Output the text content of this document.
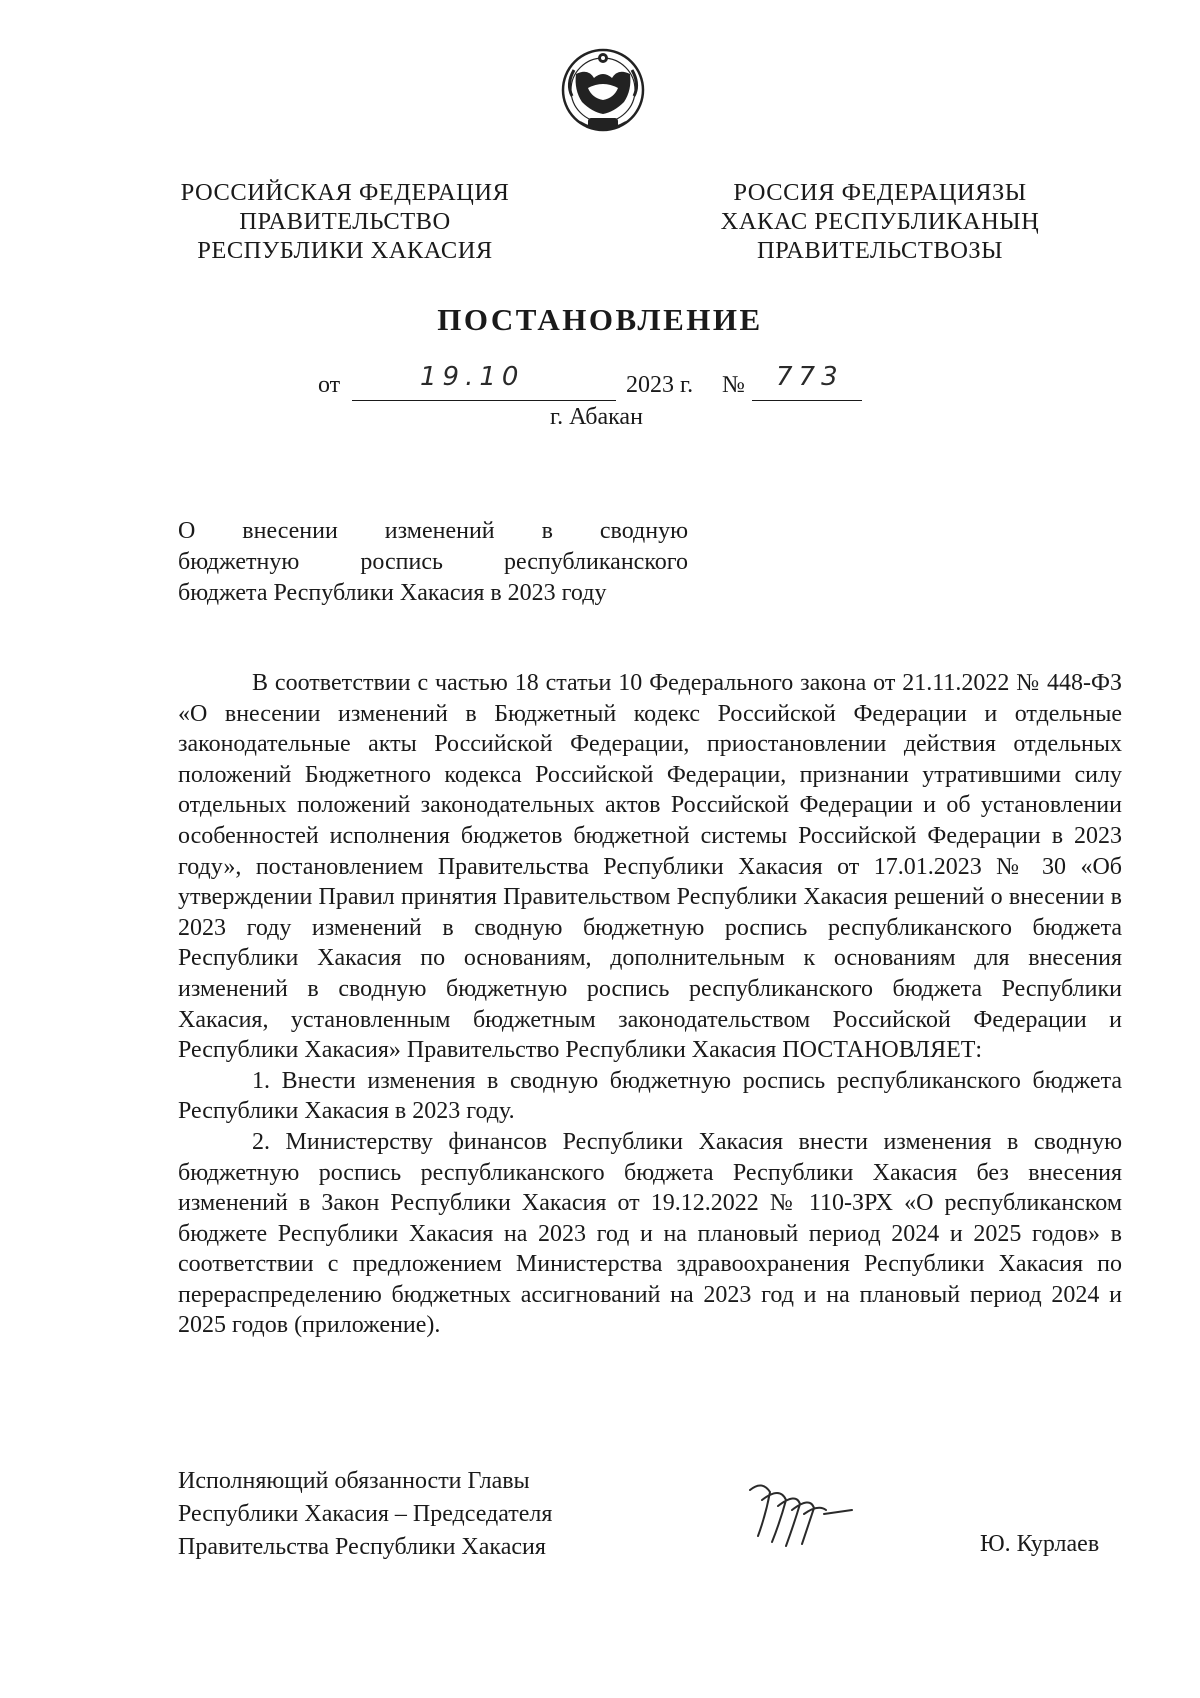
РОССИЙСКАЯ ФЕДЕРАЦИЯ
ПРАВИТЕЛЬСТВО
РЕСПУБЛИКИ ХАКАСИЯ
РОССИЯ ФЕДЕРАЦИЯЗЫ
ХАКАС РЕСПУБЛИКАНЫҢ
ПРАВИТЕЛЬСТВОЗЫ
ПОСТАНОВЛЕНИЕ
от	19.10	2023 г. № 773
г. Абакан
О внесении изменений в сводную
бюджетную роспись республиканского
бюджета Республики Хакасия в 2023 году

В соответствии с частью 18 статьи 10 Федерального закона от 21.11.2022 № 448-ФЗ «О внесении изменений в Бюджетный кодекс Российской Федерации и отдельные законодательные акты Российской Федерации, приостановлении действия отдельных положений Бюджетного кодекса Российской Федерации, признании утратившими силу отдельных положений законодательных актов Российской Федерации и об установлении особенностей исполнения бюджетов бюджетной системы Российской Федерации в 2023 году», постановлением Правительства Республики Хакасия от 17.01.2023 № 30 «Об утверждении Правил принятия Правительством Республики Хакасия решений о внесении в 2023 году изменений в сводную бюджетную роспись республиканского бюджета Республики Хакасия по основаниям, дополнительным к основаниям для внесения изменений в сводную бюджетную роспись республиканского бюджета Республики Хакасия, установленным бюджетным законодательством Российской Федерации и Республики Хакасия» Правительство Республики Хакасия ПОСТАНОВЛЯЕТ:

1. Внести изменения в сводную бюджетную роспись республиканского бюджета Республики Хакасия в 2023 году.

2. Министерству финансов Республики Хакасия внести изменения в сводную бюджетную роспись республиканского бюджета Республики Хакасия без внесения изменений в Закон Республики Хакасия от 19.12.2022 № 110-ЗРХ «О республиканском бюджете Республики Хакасия на 2023 год и на плановый период 2024 и 2025 годов» в соответствии с предложением Министерства здравоохранения Республики Хакасия по перераспределению бюджетных ассигнований на 2023 год и на плановый период 2024 и 2025 годов (приложение).

Исполняющий обязанности Главы
Республики Хакасия – Председателя
Правительства Республики Хакасия	Ю. Курлаев
